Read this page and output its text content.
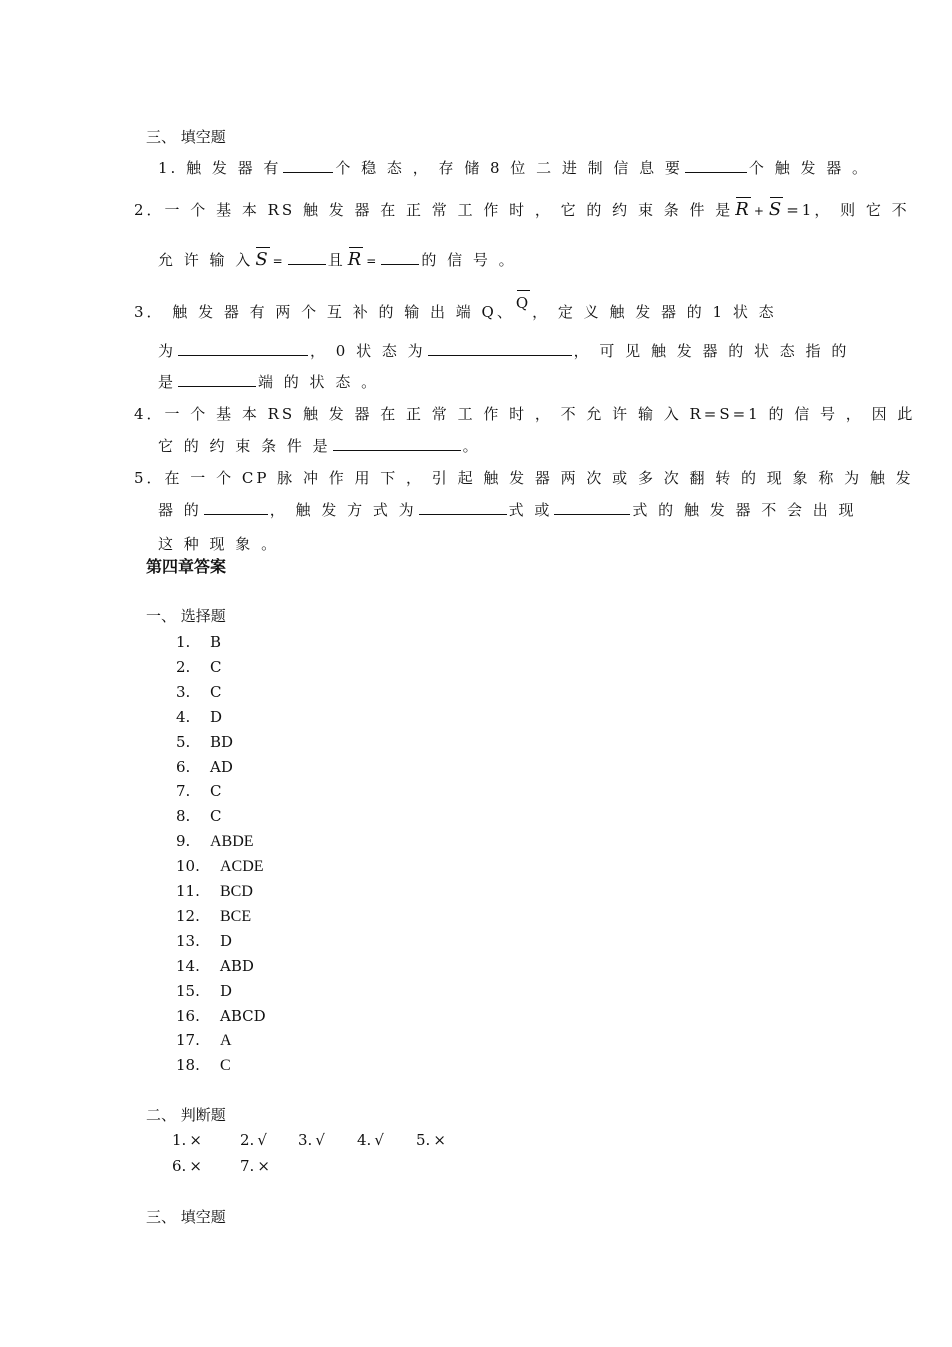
三、 填空题
1. 触 发 器 有	个 稳 态 ， 存 储 8 位 二 进 制 信 息 要	个 触 发 器 。
2．一 个 基 本 RS 触 发 器 在 正 常 工 作 时 ， 它 的 约 束 条 件 是 R + S =1， 则 它 不
允 许 输 入 S =	且 R =	的 信 号 。
3． 触 发 器 有 两 个 互 补 的 输 出 端 Q、Q， 定 义 触 发 器 的 1 状 态
为	， 0 状 态 为	， 可 见 触 发 器 的 状 态 指 的
是	端 的 状 态 。
4．一 个 基 本 RS 触 发 器 在 正 常 工 作 时 ， 不 允 许 输 入 R=S=1 的 信 号 ， 因 此
它 的 约 束 条 件 是	。
5．在 一 个 CP 脉 冲 作 用 下 ， 引 起 触 发 器 两 次 或 多 次 翻 转 的 现 象 称 为 触 发
器 的	， 触 发 方 式 为	式 或	式 的 触 发 器 不 会 出 现
这 种 现 象 。
第四章答案
一、 选择题
1. B
2. C
3. C
4. D
5. BD
6. AD
7. C
8. C
9. ABDE
10. ACDE
11. BCD
12. BCE
13. D
14. ABD
15. D
16. ABCD
17. A
18. C
二、 判断题
1. ×	2. √ 3. √ 4. √ 5. ×
6. ×	7. ×
三、 填空题
